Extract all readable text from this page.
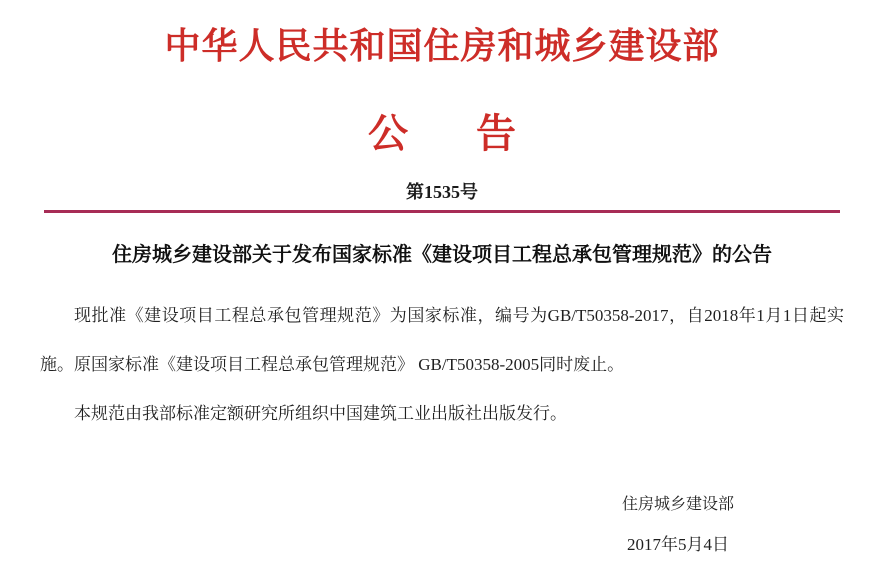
中华人民共和国住房和城乡建设部
公 告
第1535号
住房城乡建设部关于发布国家标准《建设项目工程总承包管理规范》的公告

现批准《建设项目工程总承包管理规范》为国家标准，编号为GB/T50358-2017，自2018年1月1日起实施。原国家标准《建设项目工程总承包管理规范》 GB/T50358-2005同时废止。

本规范由我部标准定额研究所组织中国建筑工业出版社出版发行。

住房城乡建设部
2017年5月4日
